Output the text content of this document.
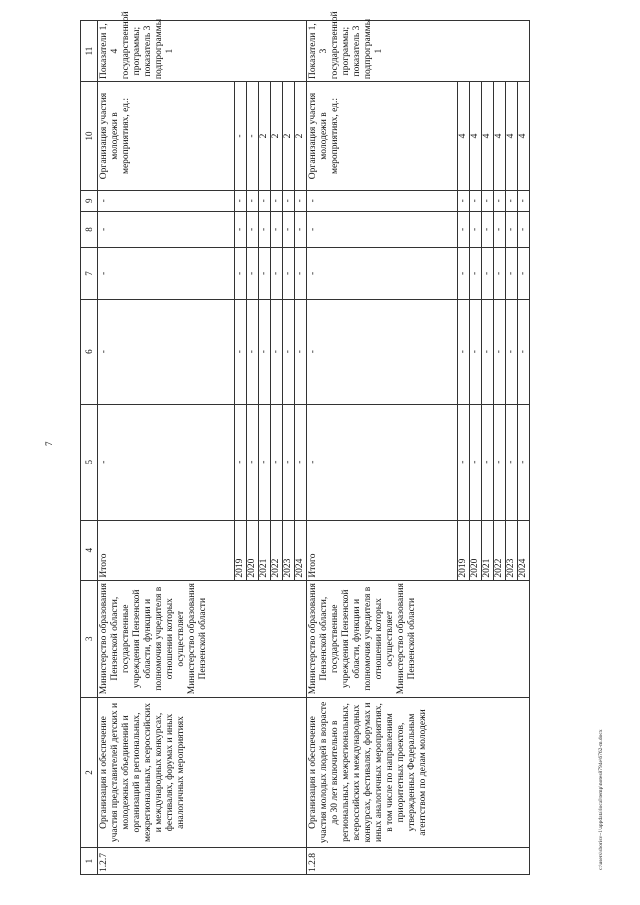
7
c:\users\sborisv~1\appdata\local\temp\notes8794e\6762-m.docx
1	2	3	4	5	6	7	8	9	10	11
1.2.7	Организация и обеспечение участия представителей детских и молодежных объединений и организаций в региональных, межрегиональных, всероссийских и международных конкурсах, фестивалях, форумах и иных аналогичных мероприятиях	Министерство образования Пензенской области, государственные учреждения Пензенской области, функции и полномочия учредителя в отношении которых осуществляет Министерство образования Пензенской области	Итого	-	-	-	-	-	Организация участия молодежи в мероприятиях, ед.:	Показатели 1, 4 государственной программы; показатель 3 подпрограммы 1
			2019	-	-	-	-	-	-	
			2020	-	-	-	-	-	-	
			2021	-	-	-	-	-	2	
			2022	-	-	-	-	-	2	
			2023	-	-	-	-	-	2	
			2024	-	-	-	-	-	2	
1.2.8	Организация и обеспечение участия молодых людей в возрасте до 30 лет включительно в региональных, межрегиональных, всероссийских и международных конкурсах, фестивалях, форумах и иных аналогичных мероприятиях, в том числе по направлениям приоритетных проектов, утвержденных Федеральным агентством по делам молодежи	Министерство образования Пензенской области, государственные учреждения Пензенской области, функции и полномочия учредителя в отношении которых осуществляет Министерство образования Пензенской области	Итого	-	-	-	-	-	Организация участия молодежи в мероприятиях, ед.:	Показатели 1, 3 государственной программы; показатель 3 подпрограммы 1
			2019	-	-	-	-	-	4	
			2020	-	-	-	-	-	4	
			2021	-	-	-	-	-	4	
			2022	-	-	-	-	-	4	
			2023	-	-	-	-	-	4	
			2024	-	-	-	-	-	4	
